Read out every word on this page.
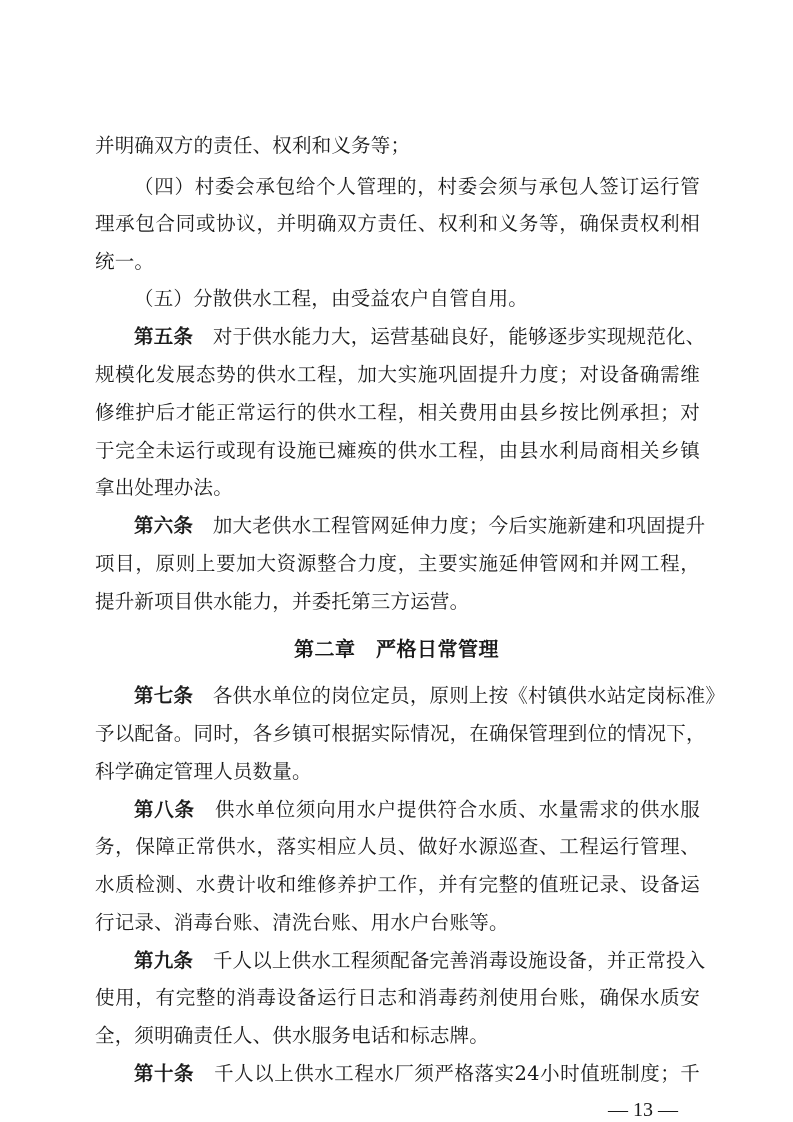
并明确双方的责任、权利和义务等；
（四）村委会承包给个人管理的，村委会须与承包人签订运行管
理承包合同或协议，并明确双方责任、权利和义务等，确保责权利相
统一。
（五）分散供水工程，由受益农户自管自用。
第五条  对于供水能力大，运营基础良好，能够逐步实现规范化、
规模化发展态势的供水工程，加大实施巩固提升力度；对设备确需维
修维护后才能正常运行的供水工程，相关费用由县乡按比例承担；对
于完全未运行或现有设施已瘫痪的供水工程，由县水利局商相关乡镇
拿出处理办法。
第六条  加大老供水工程管网延伸力度；今后实施新建和巩固提升
项目，原则上要加大资源整合力度，主要实施延伸管网和并网工程，
提升新项目供水能力，并委托第三方运营。
第二章　严格日常管理
第七条  各供水单位的岗位定员，原则上按《村镇供水站定岗标准》
予以配备。同时，各乡镇可根据实际情况，在确保管理到位的情况下，
科学确定管理人员数量。
第八条  供水单位须向用水户提供符合水质、水量需求的供水服
务，保障正常供水，落实相应人员、做好水源巡查、工程运行管理、
水质检测、水费计收和维修养护工作，并有完整的值班记录、设备运
行记录、消毒台账、清洗台账、用水户台账等。
第九条  千人以上供水工程须配备完善消毒设施设备，并正常投入
使用，有完整的消毒设备运行日志和消毒药剂使用台账，确保水质安
全，须明确责任人、供水服务电话和标志牌。
第十条  千人以上供水工程水厂须严格落实24小时值班制度；千
— 13 —
